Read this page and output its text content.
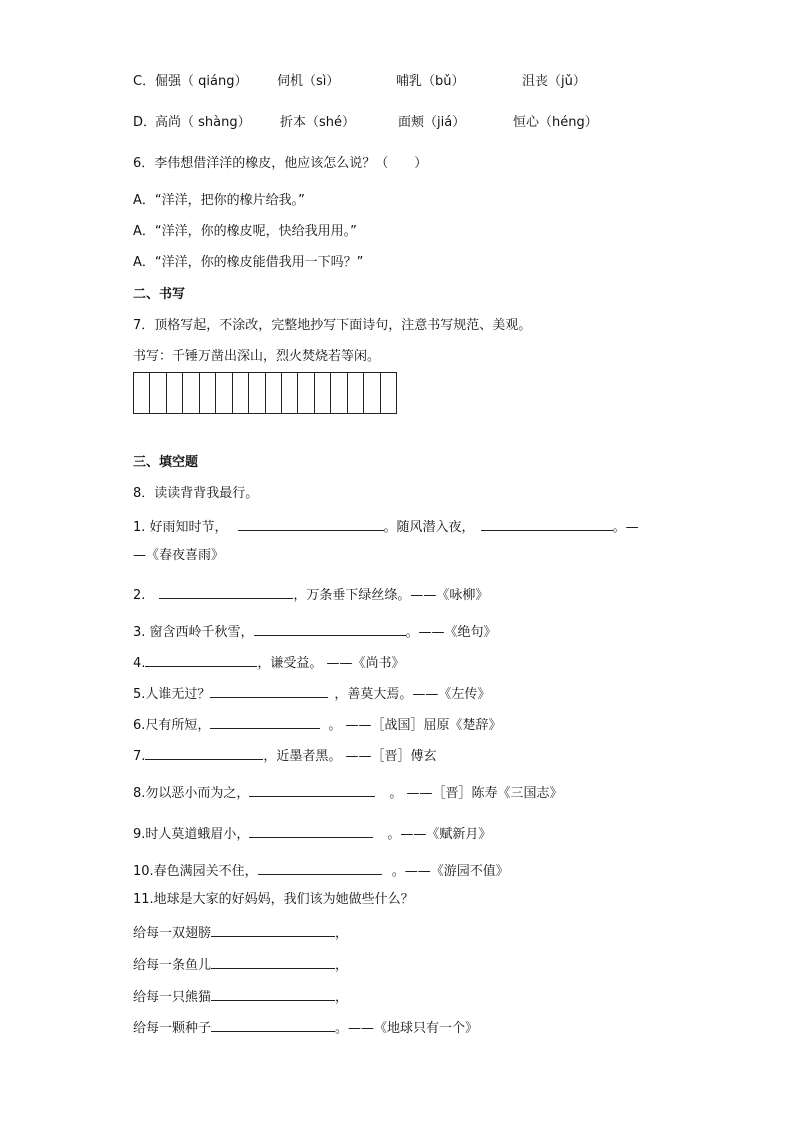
C． 倔强（ qiáng） 伺机（sì）	哺乳（bǔ）	沮丧（jǔ）
D．
高尚（ shàng） 折本（shé）	面颊（jiá）	恒心（héng）
6．李伟想借洋洋的橡皮，他应该怎么说？（　　）
A．“洋洋，把你的橡片给我。”
A．“洋洋，你的橡皮呢，快给我用用。”
A．“洋洋，你的橡皮能借我用一下吗？”
二、书写
7．顶格写起，不涂改，完整地抄写下面诗句，注意书写规范、美观。
书写：千锤万凿出深山，烈火焚烧若等闲。
三、填空题
8．读读背背我最行。
1. 好雨知时节，	。随风潜入夜，	。—
—《春夜喜雨》
2.	，万条垂下绿丝绦。——《咏柳》
3. 窗含西岭千秋雪，	。——《绝句》
4.	，谦受益。 ——《尚书》
5.人谁无过？	，善莫大焉。——《左传》
6.尺有所短，	。 ——［战国］屈原《楚辞》
7.	，近墨者黑。 ——［晋］傅玄
8.勿以恶小而为之，	。 ——［晋］陈寿《三国志》
9.时人莫道蛾眉小，	。——《赋新月》
10.春色满园关不住，	。——《游园不值》
11.地球是大家的好妈妈，我们该为她做些什么？
给每一双翅膀	，
给每一条鱼儿	，
给每一只熊猫	，
给每一颗种子	。——《地球只有一个》
